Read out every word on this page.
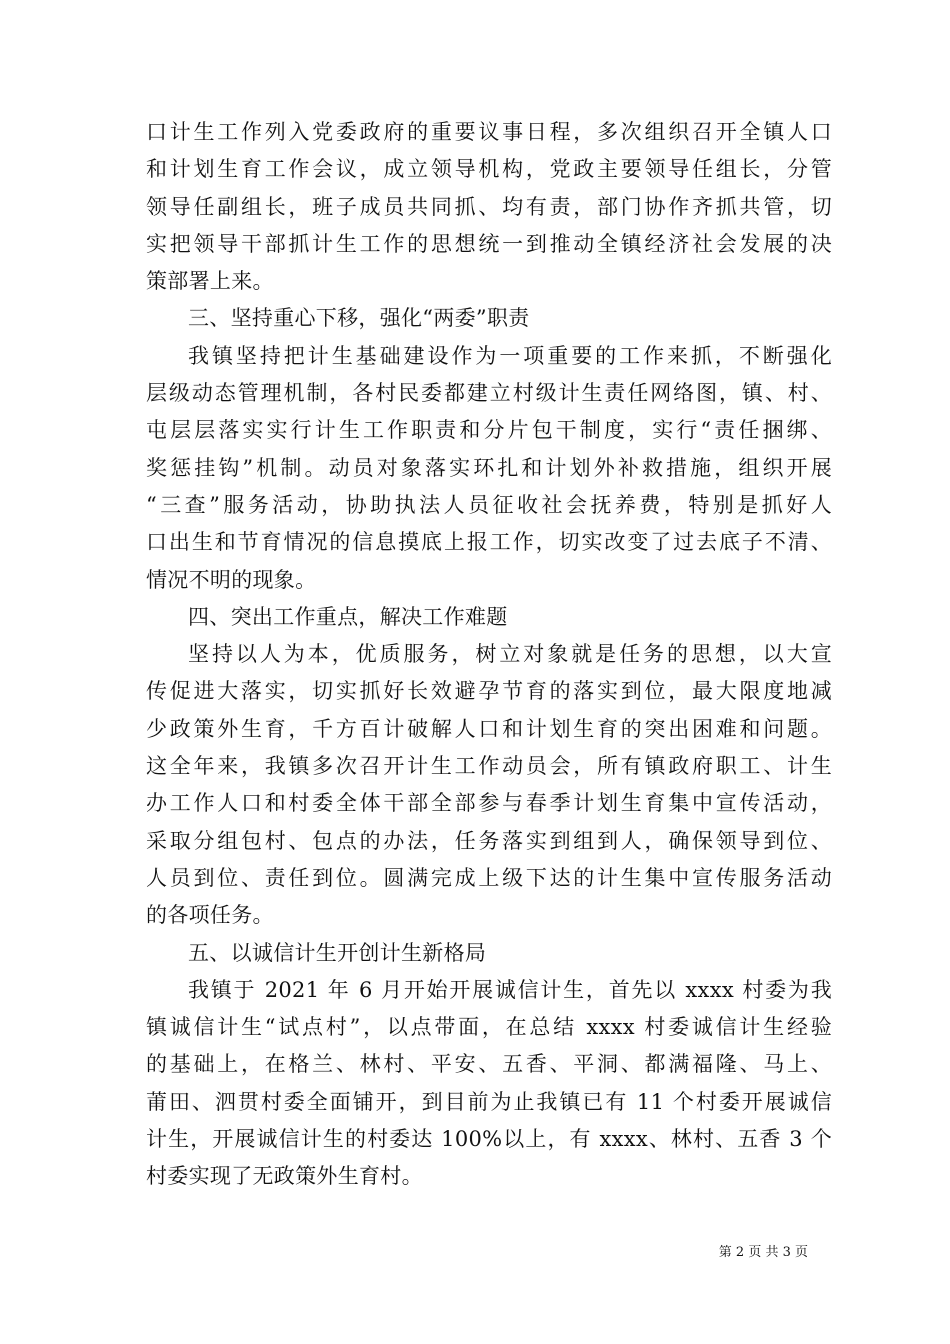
口计生工作列入党委政府的重要议事日程，多次组织召开全镇人口
和计划生育工作会议，成立领导机构，党政主要领导任组长，分管
领导任副组长，班子成员共同抓、均有责，部门协作齐抓共管，切
实把领导干部抓计生工作的思想统一到推动全镇经济社会发展的决
策部署上来。
三、坚持重心下移，强化“两委”职责
我镇坚持把计生基础建设作为一项重要的工作来抓，不断强化
层级动态管理机制，各村民委都建立村级计生责任网络图，镇、村、
屯层层落实实行计生工作职责和分片包干制度，实行“责任捆绑、
奖惩挂钩”机制。动员对象落实环扎和计划外补救措施，组织开展
“三查”服务活动，协助执法人员征收社会抚养费，特别是抓好人
口出生和节育情况的信息摸底上报工作，切实改变了过去底子不清、
情况不明的现象。
四、突出工作重点，解决工作难题
坚持以人为本，优质服务，树立对象就是任务的思想，以大宣
传促进大落实，切实抓好长效避孕节育的落实到位，最大限度地减
少政策外生育，千方百计破解人口和计划生育的突出困难和问题。
这全年来，我镇多次召开计生工作动员会，所有镇政府职工、计生
办工作人口和村委全体干部全部参与春季计划生育集中宣传活动，
采取分组包村、包点的办法，任务落实到组到人，确保领导到位、
人员到位、责任到位。圆满完成上级下达的计生集中宣传服务活动
的各项任务。
五、以诚信计生开创计生新格局
我镇于 2021 年 6 月开始开展诚信计生，首先以 xxxx 村委为我
镇诚信计生“试点村”，以点带面，在总结 xxxx 村委诚信计生经验
的基础上，在格兰、林村、平安、五香、平洞、都满福隆、马上、
莆田、泗贯村委全面铺开，到目前为止我镇已有 11 个村委开展诚信
计生，开展诚信计生的村委达 100%以上，有 xxxx、林村、五香 3 个
村委实现了无政策外生育村。
第 2 页 共 3 页
